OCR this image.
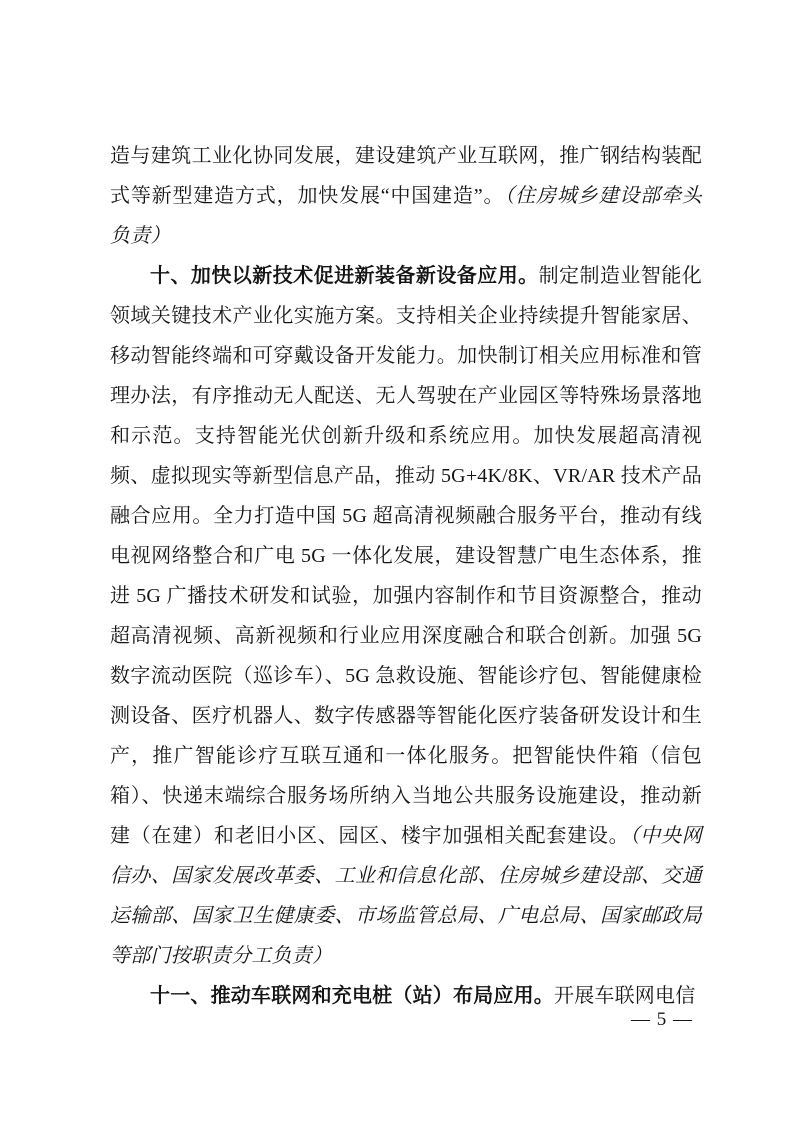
造与建筑工业化协同发展，建设建筑产业互联网，推广钢结构装配式等新型建造方式，加快发展“中国建造”。（住房城乡建设部牵头负责）

十、加快以新技术促进新装备新设备应用。制定制造业智能化领域关键技术产业化实施方案。支持相关企业持续提升智能家居、移动智能终端和可穿戴设备开发能力。加快制订相关应用标准和管理办法，有序推动无人配送、无人驾驶在产业园区等特殊场景落地和示范。支持智能光伏创新升级和系统应用。加快发展超高清视频、虚拟现实等新型信息产品，推动 5G+4K/8K、VR/AR 技术产品融合应用。全力打造中国 5G 超高清视频融合服务平台，推动有线电视网络整合和广电 5G 一体化发展，建设智慧广电生态体系，推进 5G 广播技术研发和试验，加强内容制作和节目资源整合，推动超高清视频、高新视频和行业应用深度融合和联合创新。加强 5G 数字流动医院（巡诊车）、5G 急救设施、智能诊疗包、智能健康检测设备、医疗机器人、数字传感器等智能化医疗装备研发设计和生产，推广智能诊疗互联互通和一体化服务。把智能快件箱（信包箱）、快递末端综合服务场所纳入当地公共服务设施建设，推动新建（在建）和老旧小区、园区、楼宇加强相关配套建设。（中央网信办、国家发展改革委、工业和信息化部、住房城乡建设部、交通运输部、国家卫生健康委、市场监管总局、广电总局、国家邮政局等部门按职责分工负责）

十一、推动车联网和充电桩（站）布局应用。开展车联网电信

— 5 —
